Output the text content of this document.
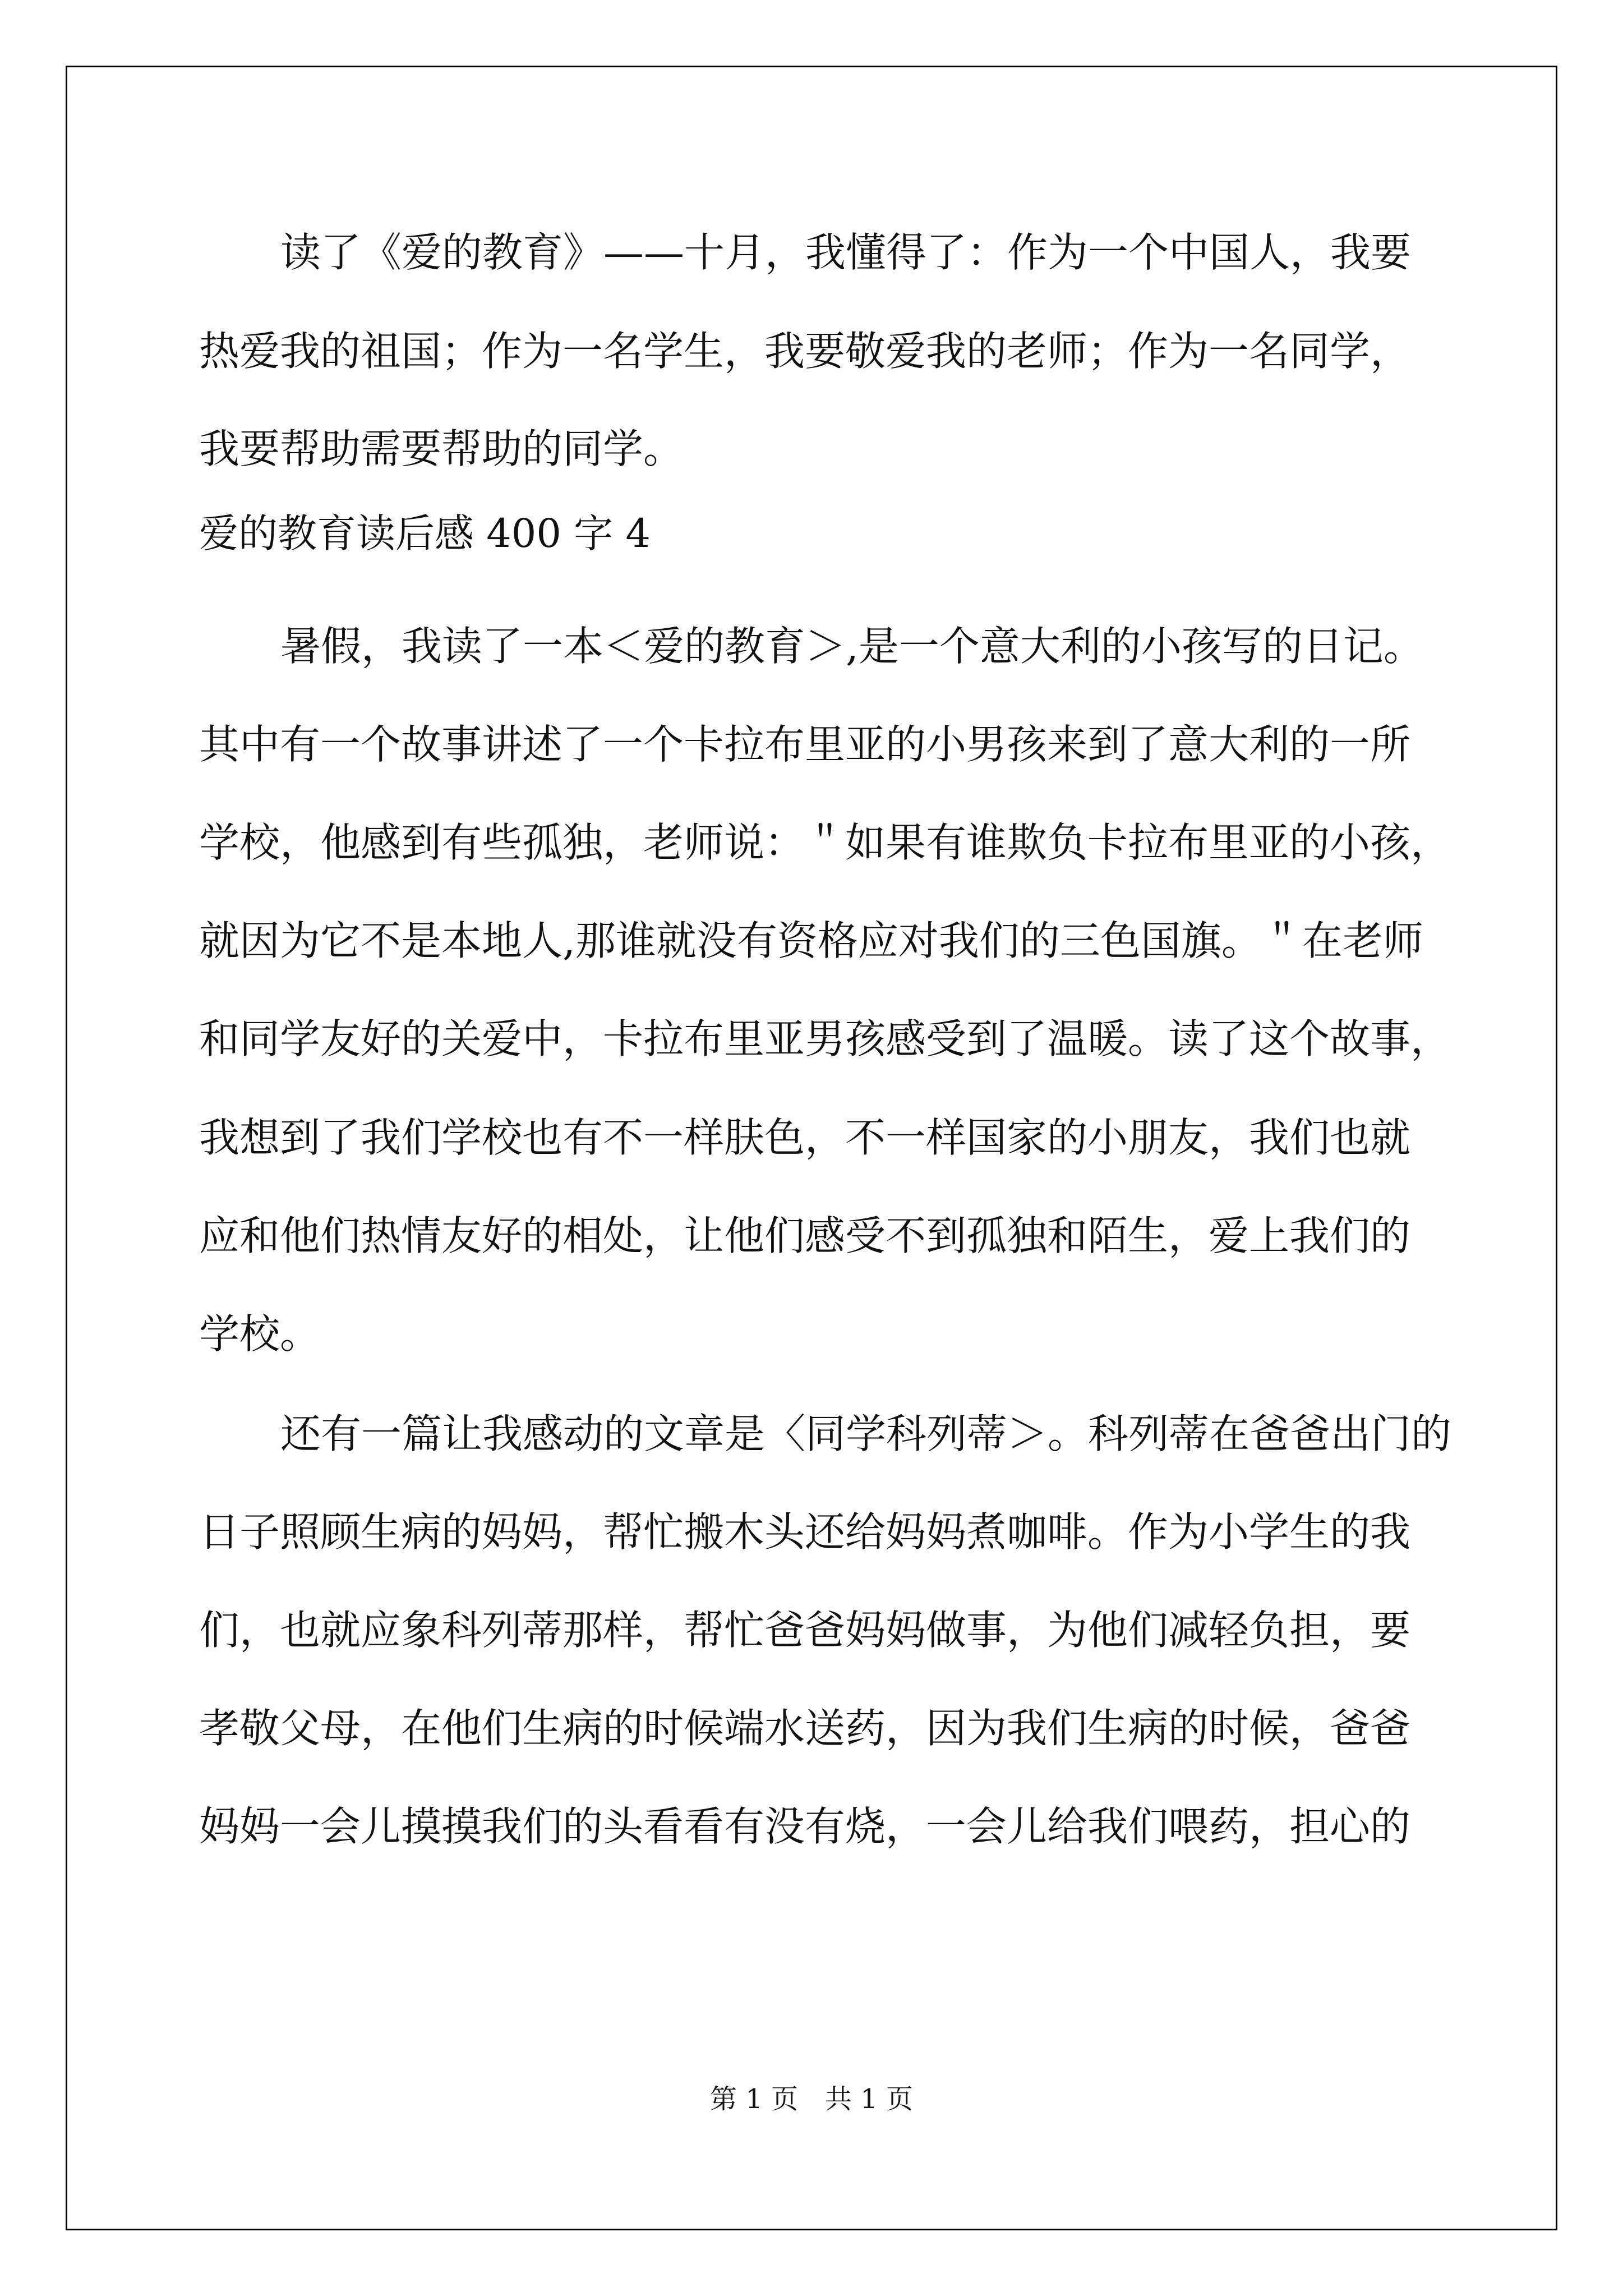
读了《爱的教育》——十月，我懂得了：作为一个中国人，我要
热爱我的祖国；作为一名学生，我要敬爱我的老师；作为一名同学，
我要帮助需要帮助的同学。
爱的教育读后感 400 字 4
暑假，我读了一本＜爱的教育＞,是一个意大利的小孩写的日记。
其中有一个故事讲述了一个卡拉布里亚的小男孩来到了意大利的一所
学校，他感到有些孤独，老师说：＂如果有谁欺负卡拉布里亚的小孩，
就因为它不是本地人,那谁就没有资格应对我们的三色国旗。＂在老师
和同学友好的关爱中，卡拉布里亚男孩感受到了温暖。读了这个故事，
我想到了我们学校也有不一样肤色，不一样国家的小朋友，我们也就
应和他们热情友好的相处，让他们感受不到孤独和陌生，爱上我们的
学校。
还有一篇让我感动的文章是〈同学科列蒂＞。科列蒂在爸爸出门的
日子照顾生病的妈妈，帮忙搬木头还给妈妈煮咖啡。作为小学生的我
们，也就应象科列蒂那样，帮忙爸爸妈妈做事，为他们减轻负担，要
孝敬父母，在他们生病的时候端水送药，因为我们生病的时候，爸爸
妈妈一会儿摸摸我们的头看看有没有烧，一会儿给我们喂药，担心的
第 1 页 共 1 页
